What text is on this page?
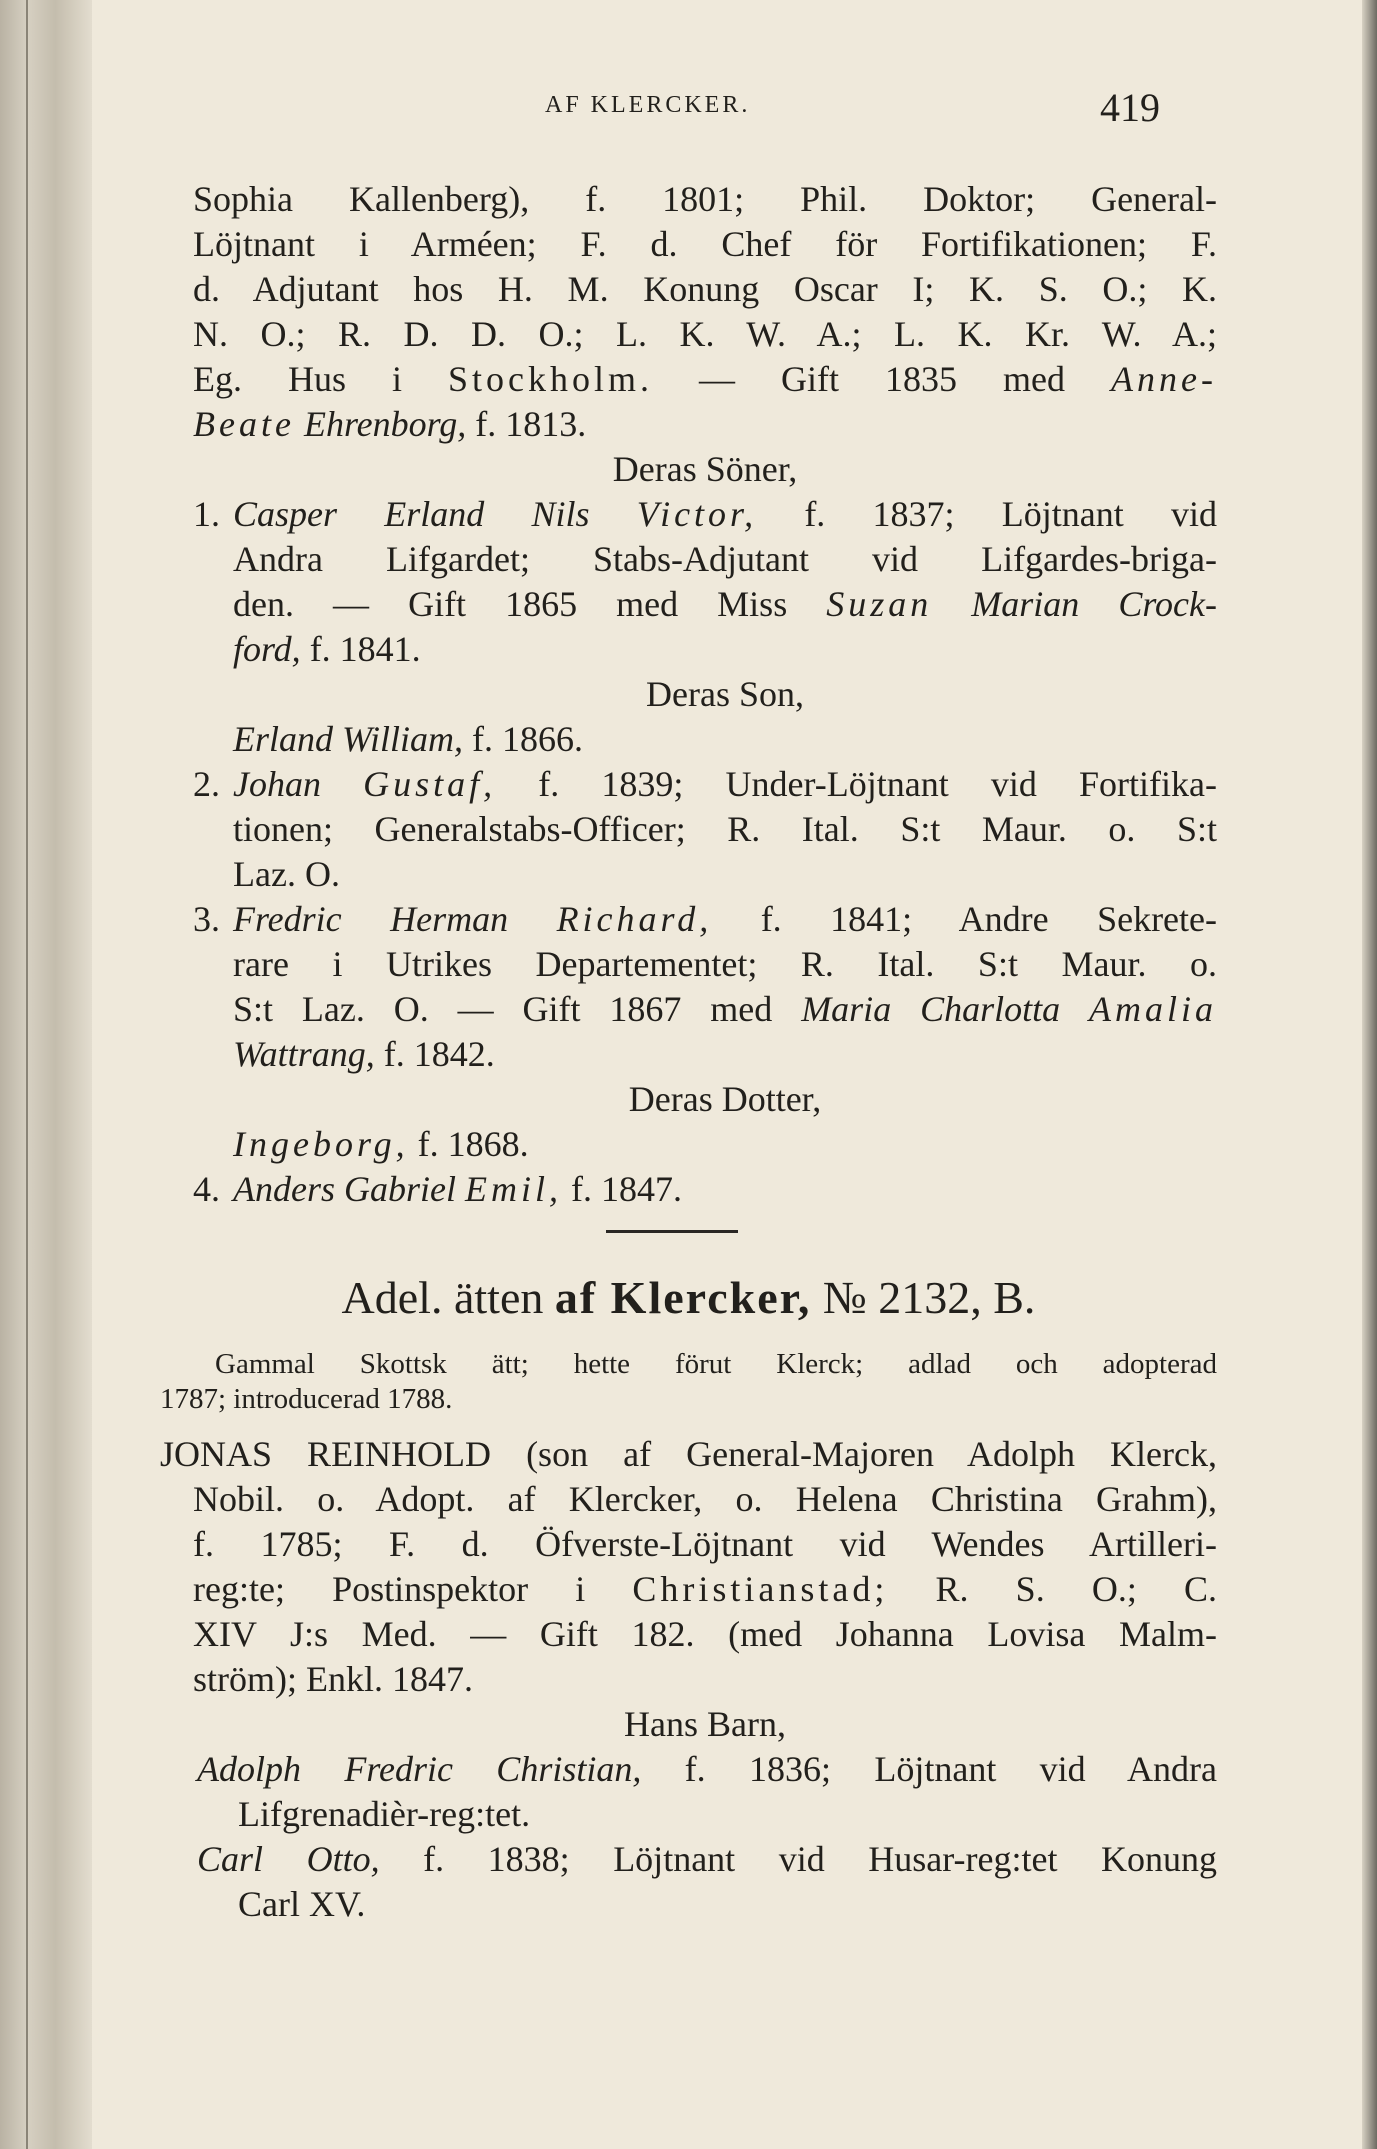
AF KLERCKER.	419
Sophia Kallenberg), f. 1801; Phil. Doktor; General-
Löjtnant i Arméen; F. d. Chef för Fortifikationen; F.
d. Adjutant hos H. M. Konung Oscar I; K. S. O.; K.
N. O.; R. D. D. O.; L. K. W. A.; L. K. Kr. W. A.;
Eg. Hus i Stockholm. — Gift 1835 med Anne-
Beate Ehrenborg, f. 1813.
Deras Söner,
1. Casper Erland Nils Victor, f. 1837; Löjtnant vid
Andra Lifgardet; Stabs-Adjutant vid Lifgardes-briga-
den. — Gift 1865 med Miss Suzan Marian Crock-
ford, f. 1841.
Deras Son,
Erland William, f. 1866.
2. Johan Gustaf, f. 1839; Under-Löjtnant vid Fortifika-
tionen; Generalstabs-Officer; R. Ital. S:t Maur. o. S:t
Laz. O.
3. Fredric Herman Richard, f. 1841; Andre Sekrete-
rare i Utrikes Departementet; R. Ital. S:t Maur. o.
S:t Laz. O. — Gift 1867 med Maria Charlotta Amalia
Wattrang, f. 1842.
Deras Dotter,
Ingeborg, f. 1868.
4. Anders Gabriel Emil, f. 1847.
Adel. ätten af Klercker, № 2132, B.
Gammal Skottsk ätt; hette förut Klerck; adlad och adopterad
1787; introducerad 1788.
JONAS REINHOLD (son af General-Majoren Adolph Klerck,
Nobil. o. Adopt. af Klercker, o. Helena Christina Grahm),
f. 1785; F. d. Öfverste-Löjtnant vid Wendes Artilleri-
reg:te; Postinspektor i Christianstad; R. S. O.; C.
XIV J:s Med. — Gift 182. (med Johanna Lovisa Malm-
ström); Enkl. 1847.
Hans Barn,
Adolph Fredric Christian, f. 1836; Löjtnant vid Andra
Lifgrenadièr-reg:tet.
Carl Otto, f. 1838; Löjtnant vid Husar-reg:tet Konung
Carl XV.
